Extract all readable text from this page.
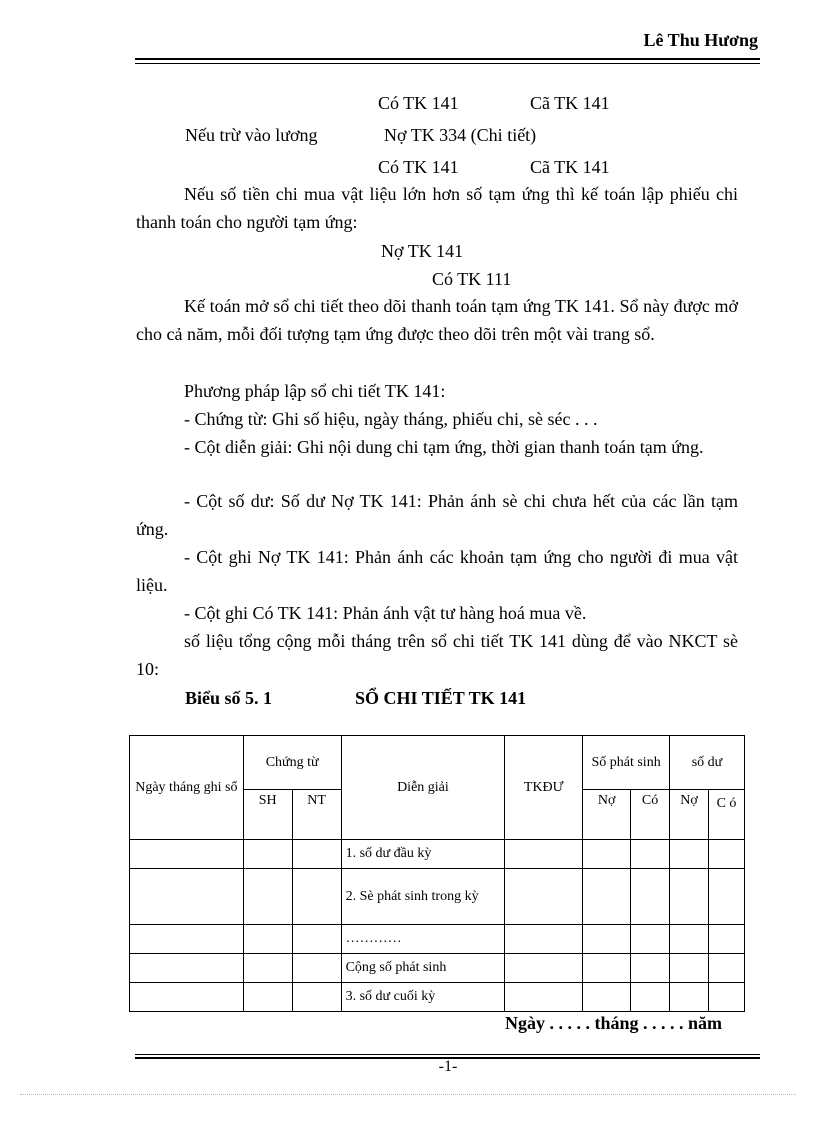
Lê Thu Hương
Có TK 141	Cã TK 141
Nếu trừ vào lương	Nợ TK 334 (Chi tiết)
Có TK 141	Cã TK 141
Nếu số tiền chi mua vật liệu lớn hơn số tạm ứng thì kế toán lập phiếu chi thanh toán cho người tạm ứng:
Nợ TK 141
Có TK 111
Kế toán mở sổ chi tiết theo dõi thanh toán tạm ứng TK 141. Sổ này được mở cho cả năm, mỗi đối tượng tạm ứng được theo dõi trên một vài trang sổ.
Phương pháp lập sổ chi tiết TK 141:
- Chứng từ: Ghi số hiệu, ngày tháng, phiếu chi, sè séc . . .
- Cột diễn giải: Ghi nội dung chi tạm ứng, thời gian thanh toán tạm ứng.
- Cột số dư: Số dư Nợ TK 141: Phản ánh sè chi chưa hết của các lần tạm ứng.
- Cột ghi Nợ TK 141: Phản ánh các khoản tạm ứng cho người đi mua vật liệu.
- Cột ghi Có TK 141: Phản ánh vật tư hàng hoá mua về.
số liệu tổng cộng mỗi tháng trên sổ chi tiết TK 141 dùng để vào NKCT sè 10:
Biểu số 5. 1	SỔ CHI TIẾT TK 141
Ngày tháng ghi sổ	Chứng từ		Diễn giải	TKĐƯ	Số phát sinh		số dư	
	SH	NT			Nợ	Có	Nợ	C ó
			1. số dư đầu kỳ					
			2. Sè phát sinh trong kỳ					
			…………					
			Cộng số phát sinh					
			3. số dư cuối kỳ					
Ngày . . . . . tháng . . . . . năm
-1-
